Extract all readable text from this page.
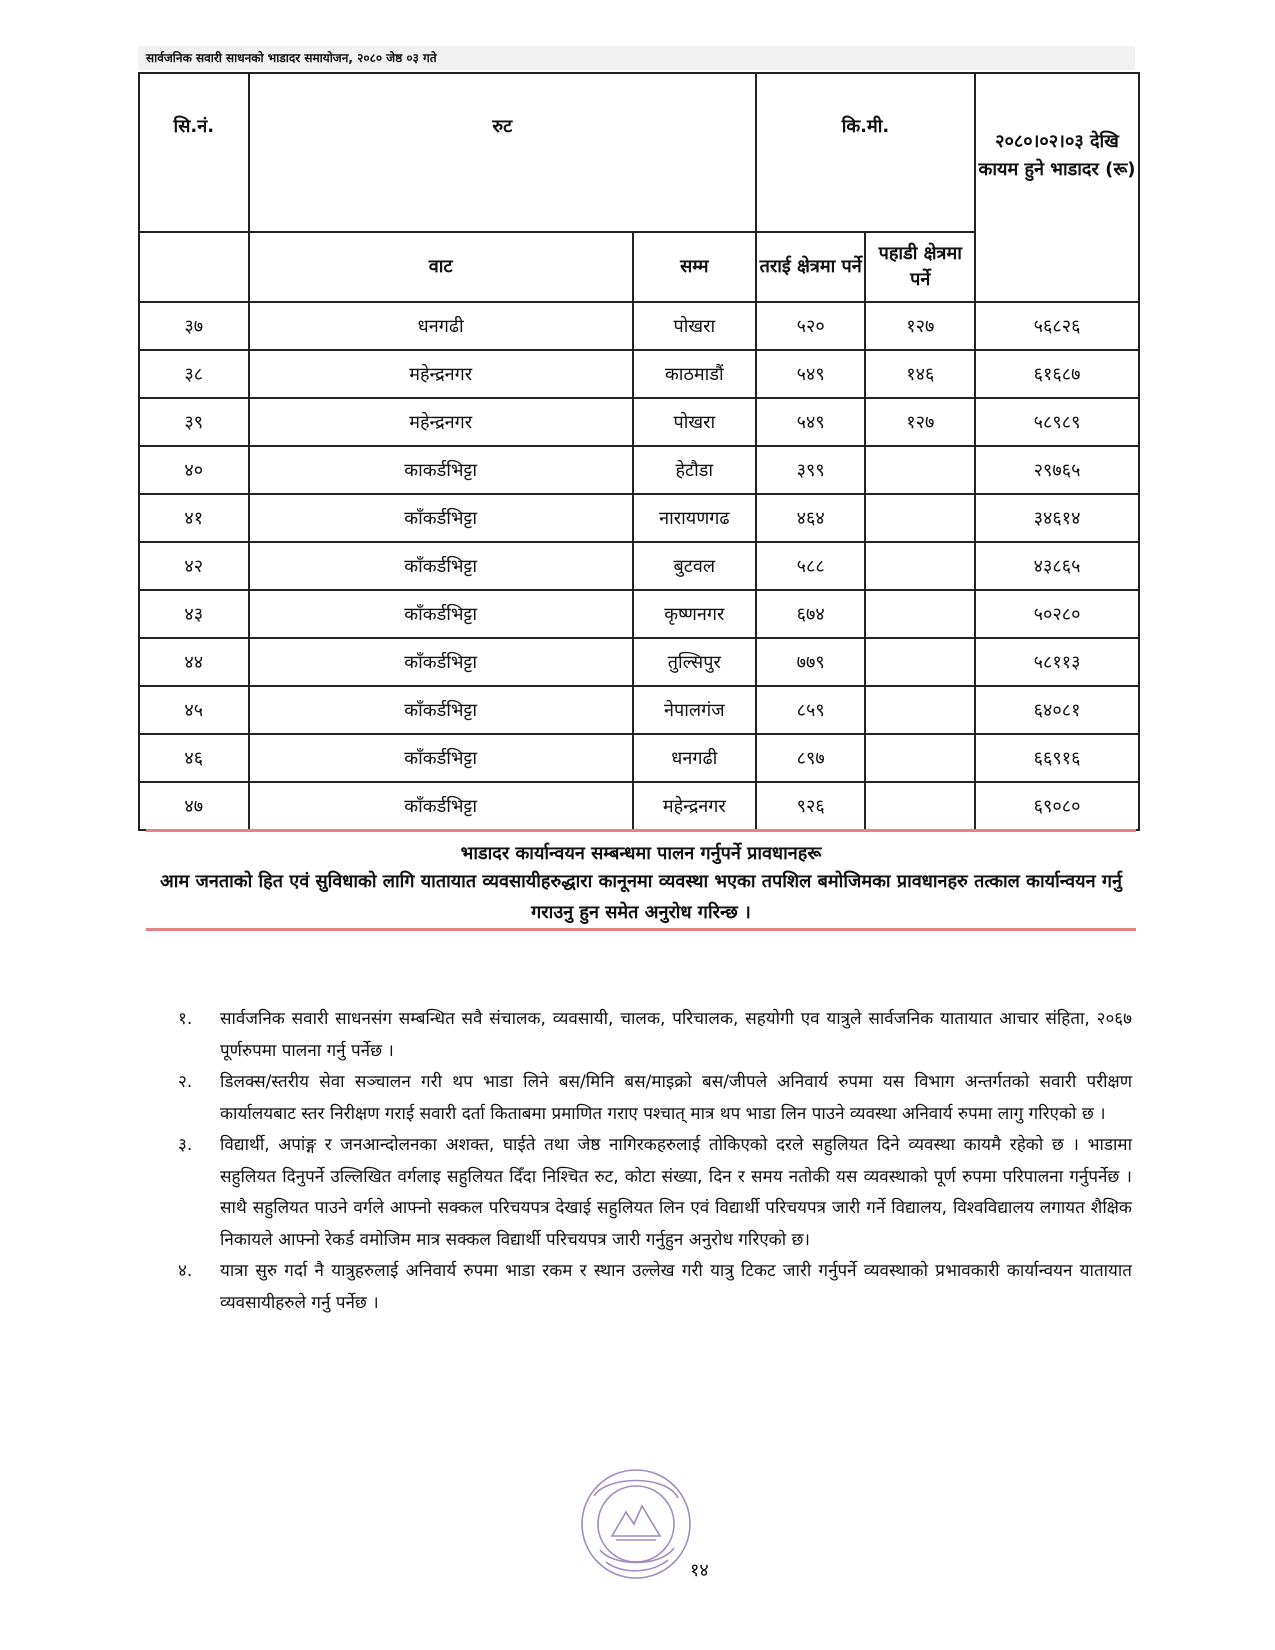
सार्वजनिक सवारी साधनको भाडादर समायोजन, २०८० जेष्ठ ०३ गते
सि.नं.	रुट		कि.मी.		२०८०।०२।०३ देखि कायम हुने भाडादर (रू)
	वाट	सम्म	तराई क्षेत्रमा पर्ने	पहाडी क्षेत्रमा पर्ने	
३७	धनगढी	पोखरा	५२०	१२७	५६८२६
३८	महेन्द्रनगर	काठमाडौं	५४९	१४६	६१६८७
३९	महेन्द्रनगर	पोखरा	५४९	१२७	५८९८९
४०	काकर्डभिट्टा	हेटौडा	३९९		२९७६५
४१	काँकर्डभिट्टा	नारायणगढ	४६४		३४६१४
४२	काँकर्डभिट्टा	बुटवल	५८८		४३८६५
४३	काँकर्डभिट्टा	कृष्णनगर	६७४		५०२८०
४४	काँकर्डभिट्टा	तुल्सिपुर	७७९		५८११३
४५	काँकर्डभिट्टा	नेपालगंज	८५९		६४०८१
४६	काँकर्डभिट्टा	धनगढी	८९७		६६९१६
४७	काँकर्डभिट्टा	महेन्द्रनगर	९२६		६९०८०
भाडादर कार्यान्वयन सम्बन्धमा पालन गर्नुपर्ने प्रावधानहरू
आम जनताको हित एवं सुविधाको लागि यातायात व्यवसायीहरुद्धारा कानूनमा व्यवस्था भएका तपशिल बमोजिमका प्रावधानहरु तत्काल कार्यान्वयन गर्नु गराउनु हुन समेत अनुरोध गरिन्छ ।
१.	सार्वजनिक सवारी साधनसंग सम्बन्धित सवै संचालक, व्यवसायी, चालक, परिचालक, सहयोगी एव यात्रुले सार्वजनिक यातायात आचार संहिता, २०६७ पूर्णरुपमा पालना गर्नु पर्नेछ ।
२.	डिलक्स/स्तरीय सेवा सञ्चालन गरी थप भाडा लिने बस/मिनि बस/माइक्रो बस/जीपले अनिवार्य रुपमा यस विभाग अन्तर्गतको सवारी परीक्षण कार्यालयबाट स्तर निरीक्षण गराई सवारी दर्ता किताबमा प्रमाणित गराए पश्चात् मात्र थप भाडा लिन पाउने व्यवस्था अनिवार्य रुपमा लागु गरिएको छ ।
३.	विद्यार्थी, अपांङ्ग र जनआन्दोलनका अशक्त, घाईते तथा जेष्ठ नागिरकहरुलाई तोकिएको दरले सहुलियत दिने व्यवस्था कायमै रहेको छ । भाडामा सहुलियत दिनुपर्ने उल्लिखित वर्गलाइ सहुलियत दिँदा निश्चित रुट, कोटा संख्या, दिन र समय नतोकी यस व्यवस्थाको पूर्ण रुपमा परिपालना गर्नुपर्नेछ । साथै सहुलियत पाउने वर्गले आफ्नो सक्कल परिचयपत्र देखाई सहुलियत लिन एवं विद्यार्थी परिचयपत्र जारी गर्ने विद्यालय, विश्वविद्यालय लगायत शैक्षिक निकायले आफ्नो रेकर्ड वमोजिम मात्र सक्कल विद्यार्थी परिचयपत्र जारी गर्नुहुन अनुरोध गरिएको छ।
४.	यात्रा सुरु गर्दा नै यात्रुहरुलाई अनिवार्य रुपमा भाडा रकम र स्थान उल्लेख गरी यात्रु टिकट जारी गर्नुपर्ने व्यवस्थाको प्रभावकारी कार्यान्वयन यातायात व्यवसायीहरुले गर्नु पर्नेछ ।
१४
